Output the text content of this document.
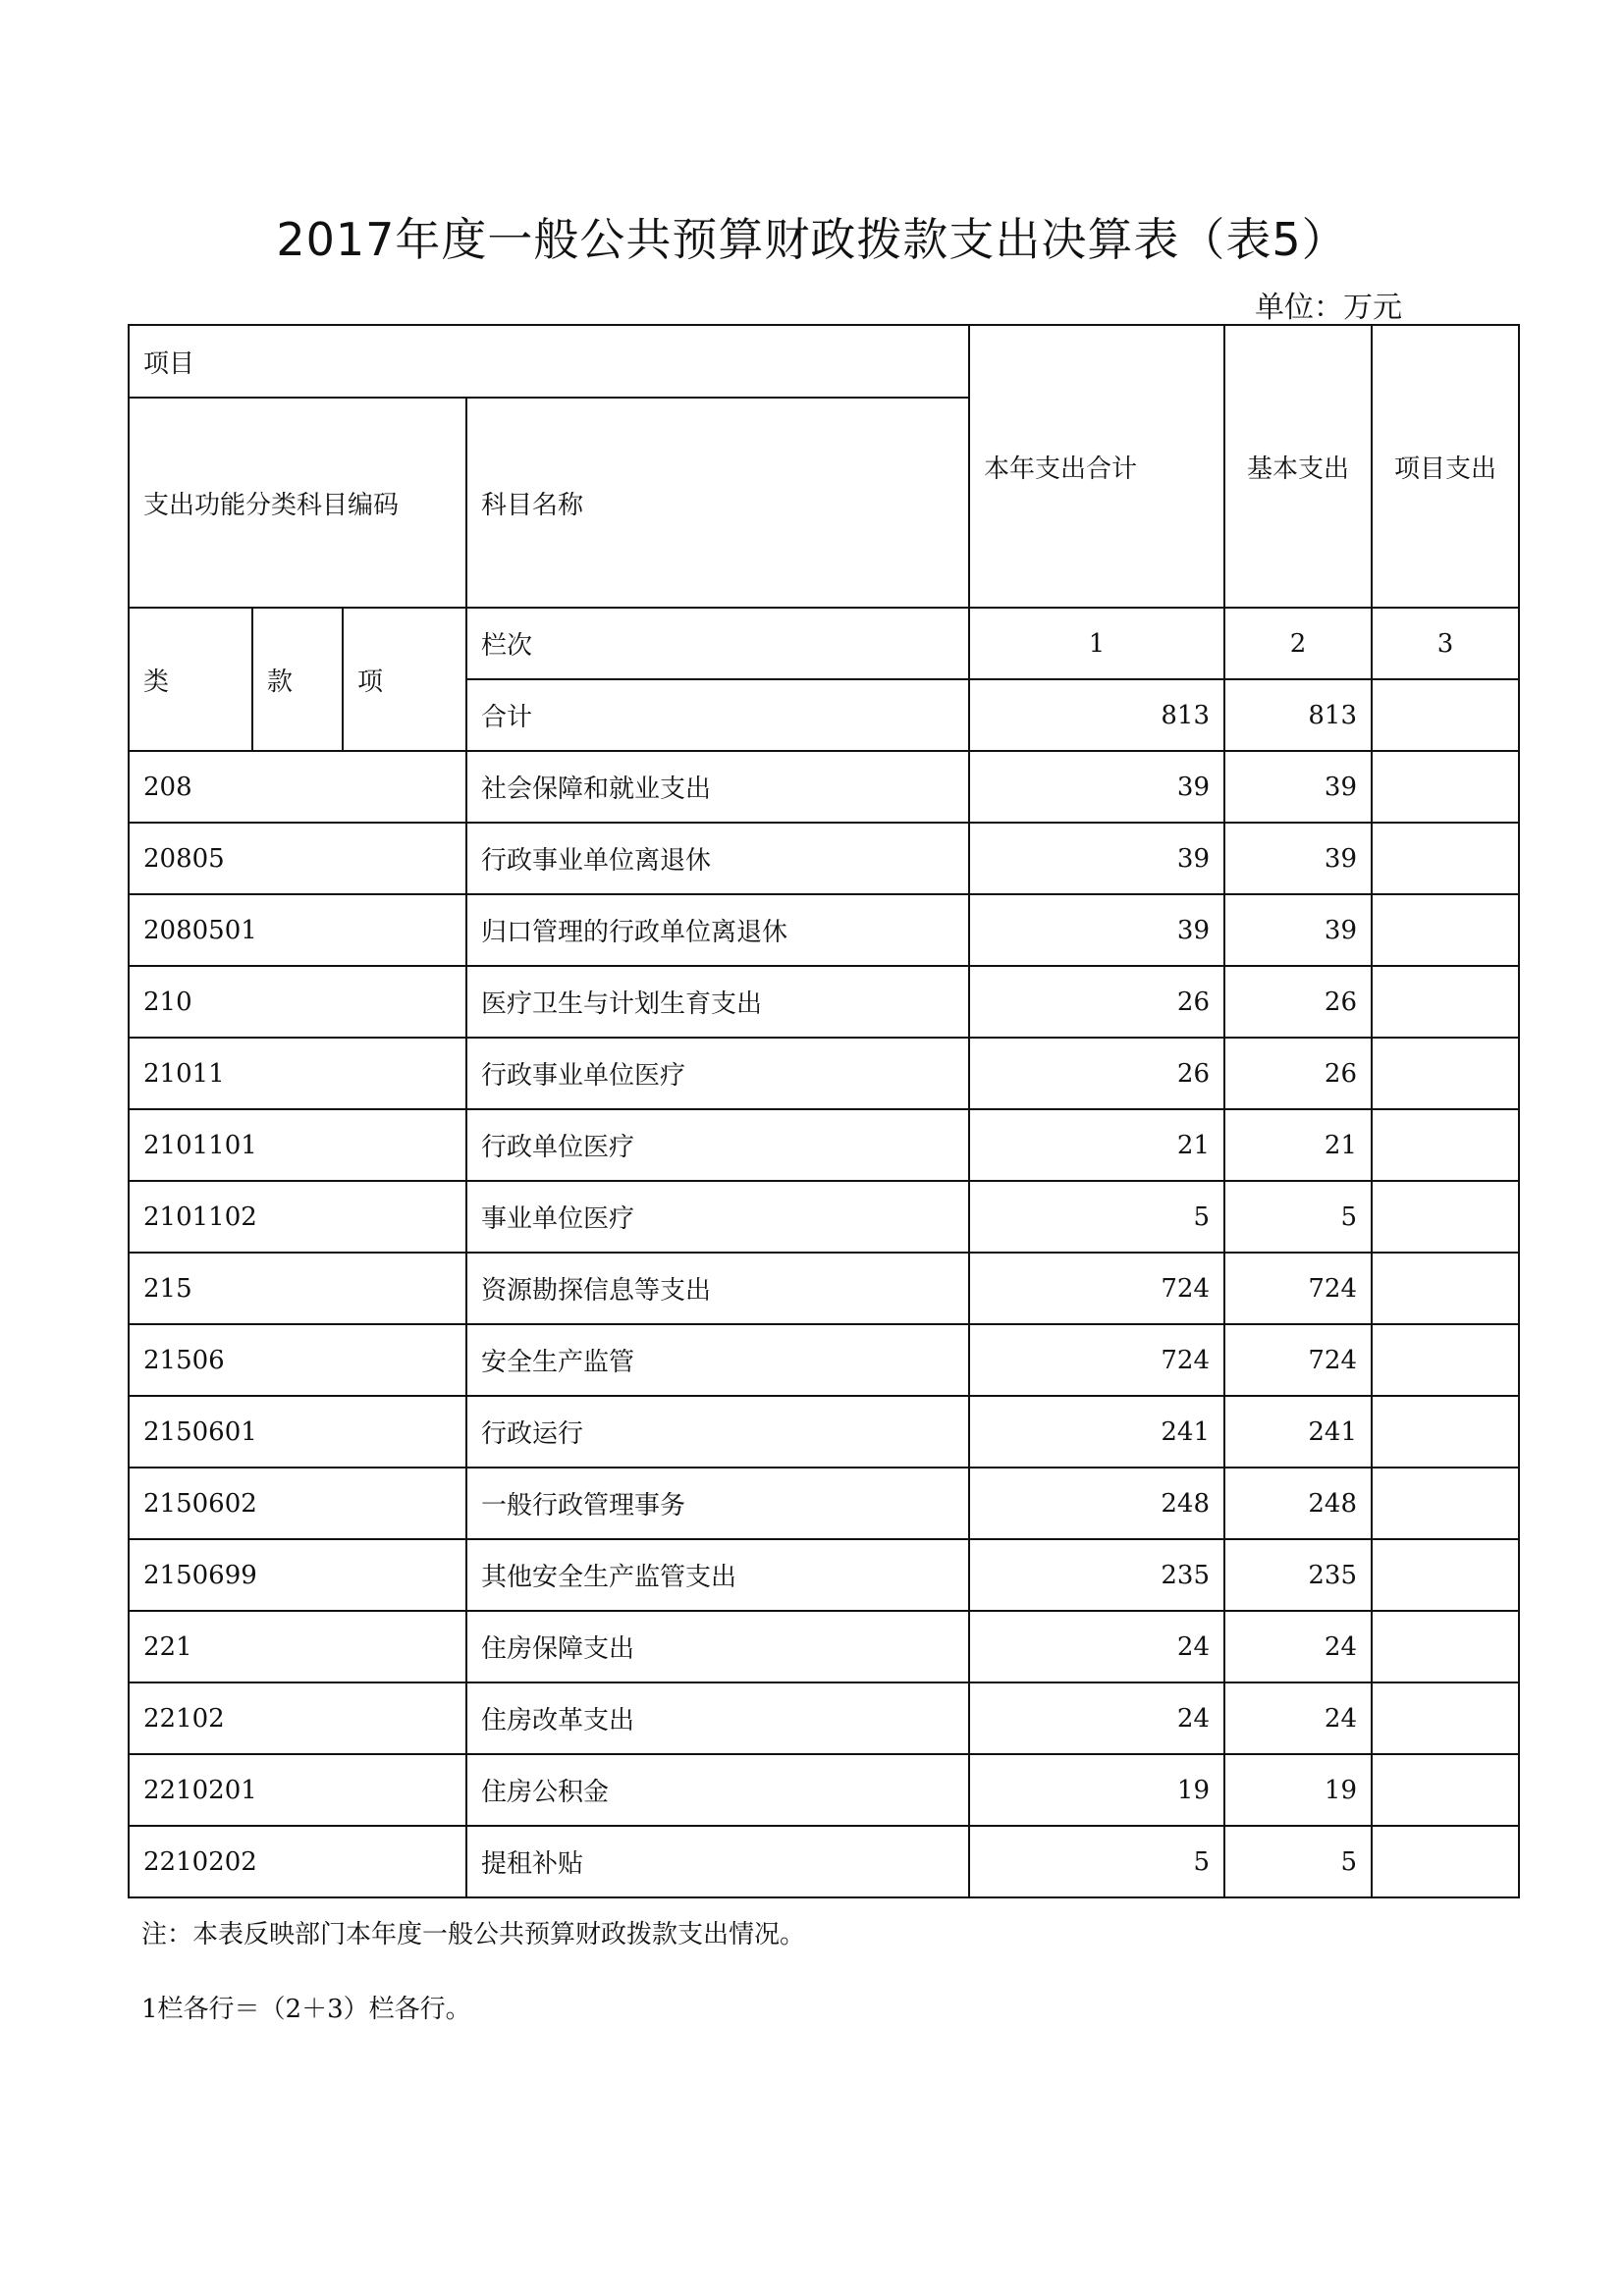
2017年度一般公共预算财政拨款支出决算表（表5）
单位：万元
项目				本年支出合计	基本支出	项目支出
支出功能分类科目编码			科目名称			
类	款	项	栏次	1	2	3
			合计	813	813	
208			社会保障和就业支出	39	39	
20805			行政事业单位离退休	39	39	
2080501			归口管理的行政单位离退休	39	39	
210			医疗卫生与计划生育支出	26	26	
21011			行政事业单位医疗	26	26	
2101101			行政单位医疗	21	21	
2101102			事业单位医疗	5	5	
215			资源勘探信息等支出	724	724	
21506			安全生产监管	724	724	
2150601			行政运行	241	241	
2150602			一般行政管理事务	248	248	
2150699			其他安全生产监管支出	235	235	
221			住房保障支出	24	24	
22102			住房改革支出	24	24	
2210201			住房公积金	19	19	
2210202			提租补贴	5	5	
注：本表反映部门本年度一般公共预算财政拨款支出情况。
1栏各行＝（2＋3）栏各行。
